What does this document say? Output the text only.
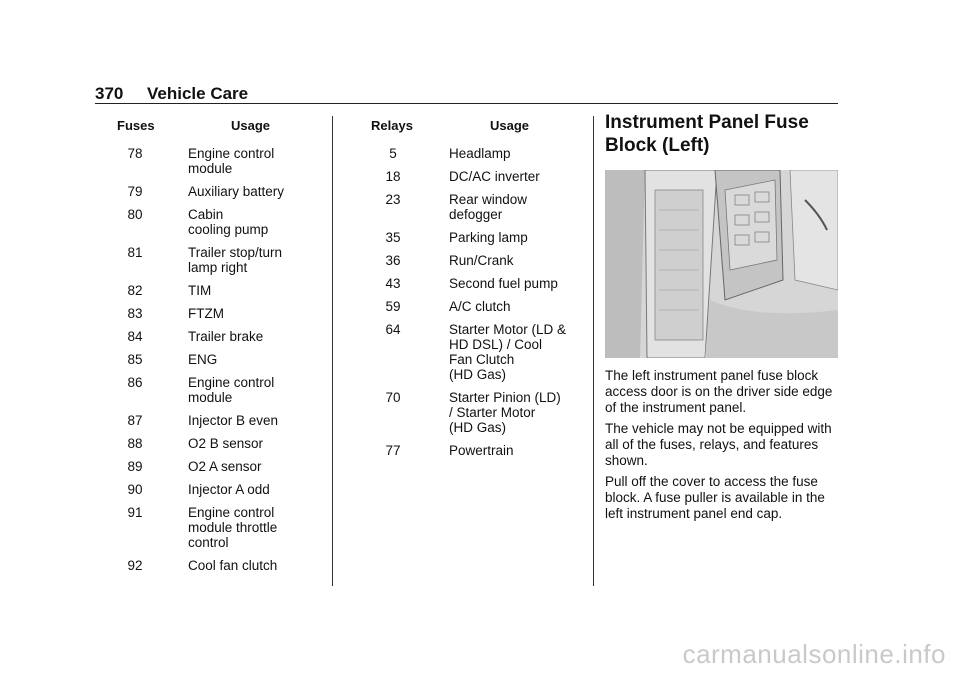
370 Vehicle Care
Fuses	Usage
78	Engine control
module
79	Auxiliary battery
80	Cabin
cooling pump
81	Trailer stop/turn
lamp right
82	TIM
83	FTZM
84	Trailer brake
85	ENG
86	Engine control
module
87	Injector B even
88	O2 B sensor
89	O2 A sensor
90	Injector A odd
91	Engine control
module throttle
control
92	Cool fan clutch
Relays	Usage
5	Headlamp
18	DC/AC inverter
23	Rear window
defogger
35	Parking lamp
36	Run/Crank
43	Second fuel pump
59	A/C clutch
64	Starter Motor (LD &
HD DSL) / Cool
Fan Clutch
(HD Gas)
70	Starter Pinion (LD)
/ Starter Motor
(HD Gas)
77	Powertrain
Instrument Panel Fuse Block (Left)

The left instrument panel fuse block access door is on the driver side edge of the instrument panel.

The vehicle may not be equipped with all of the fuses, relays, and features shown.

Pull off the cover to access the fuse block. A fuse puller is available in the left instrument panel end cap.

carmanualsonline.info
